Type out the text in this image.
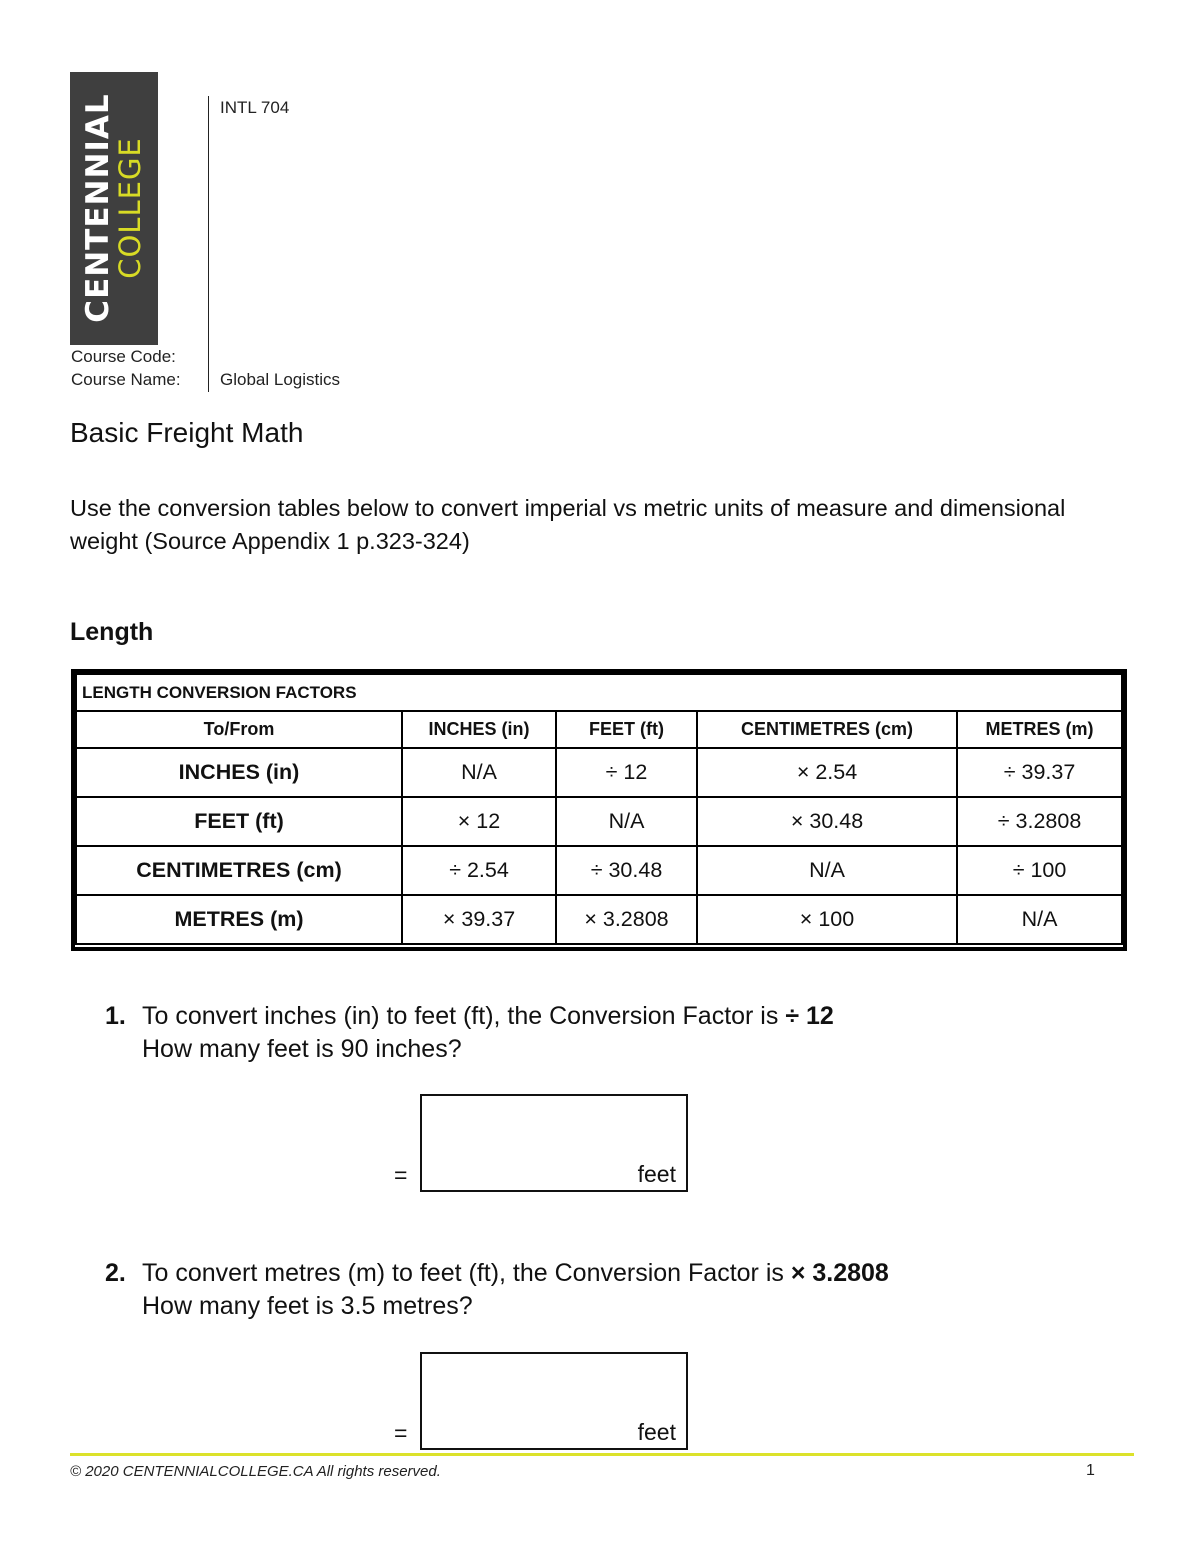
CENTENNIAL
COLLEGE
INTL 704
Course Code:
Course Name: Global Logistics
Basic Freight Math
Use the conversion tables below to convert imperial vs metric units of measure and dimensional weight (Source Appendix 1 p.323-324)
Length
LENGTH CONVERSION FACTORS				
To/From	INCHES (in)	FEET (ft)	CENTIMETRES (cm)	METRES (m)
INCHES (in)	N/A	÷ 12	× 2.54	÷ 39.37
FEET (ft)	× 12	N/A	× 30.48	÷ 3.2808
CENTIMETRES (cm)	÷ 2.54	÷ 30.48	N/A	÷ 100
METRES (m)	× 39.37	× 3.2808	× 100	N/A
1. To convert inches (in) to feet (ft), the Conversion Factor is ÷ 12
How many feet is 90 inches?
=	feet
2. To convert metres (m) to feet (ft), the Conversion Factor is × 3.2808
How many feet is 3.5 metres?
=	feet
© 2020 CENTENNIALCOLLEGE.CA All rights reserved.	1
